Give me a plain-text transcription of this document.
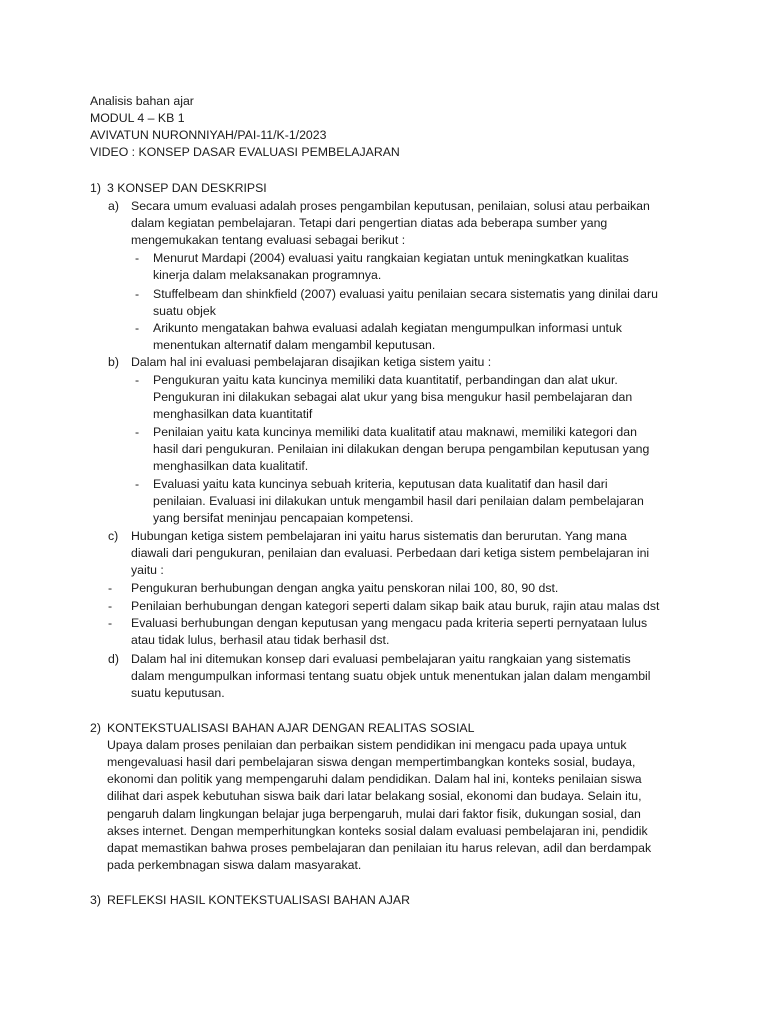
Analisis bahan ajar
MODUL 4 – KB 1
AVIVATUN NURONNIYAH/PAI-11/K-1/2023
VIDEO : KONSEP DASAR EVALUASI PEMBELAJARAN
1) 3 KONSEP DAN DESKRIPSI
a) Secara umum evaluasi adalah proses pengambilan keputusan, penilaian, solusi atau perbaikan
dalam kegiatan pembelajaran. Tetapi dari pengertian diatas ada beberapa sumber yang
mengemukakan tentang evaluasi sebagai berikut :
- Menurut Mardapi (2004) evaluasi yaitu rangkaian kegiatan untuk meningkatkan kualitas
kinerja dalam melaksanakan programnya.
- Stuffelbeam dan shinkfield (2007) evaluasi yaitu penilaian secara sistematis yang dinilai daru
suatu objek
- Arikunto mengatakan bahwa evaluasi adalah kegiatan mengumpulkan informasi untuk
menentukan alternatif dalam mengambil keputusan.
b) Dalam hal ini evaluasi pembelajaran disajikan ketiga sistem yaitu :
- Pengukuran yaitu kata kuncinya memiliki data kuantitatif, perbandingan dan alat ukur.
Pengukuran ini dilakukan sebagai alat ukur yang bisa mengukur hasil pembelajaran dan
menghasilkan data kuantitatif
- Penilaian yaitu kata kuncinya memiliki data kualitatif atau maknawi, memiliki kategori dan
hasil dari pengukuran. Penilaian ini dilakukan dengan berupa pengambilan keputusan yang
menghasilkan data kualitatif.
- Evaluasi yaitu kata kuncinya sebuah kriteria, keputusan data kualitatif dan hasil dari
penilaian. Evaluasi ini dilakukan untuk mengambil hasil dari penilaian dalam pembelajaran
yang bersifat meninjau pencapaian kompetensi.
c) Hubungan ketiga sistem pembelajaran ini yaitu harus sistematis dan berurutan. Yang mana
diawali dari pengukuran, penilaian dan evaluasi. Perbedaan dari ketiga sistem pembelajaran ini
yaitu :
- Pengukuran berhubungan dengan angka yaitu penskoran nilai 100, 80, 90 dst.
- Penilaian berhubungan dengan kategori seperti dalam sikap baik atau buruk, rajin atau malas dst
- Evaluasi berhubungan dengan keputusan yang mengacu pada kriteria seperti pernyataan lulus
atau tidak lulus, berhasil atau tidak berhasil dst.
d) Dalam hal ini ditemukan konsep dari evaluasi pembelajaran yaitu rangkaian yang sistematis
dalam mengumpulkan informasi tentang suatu objek untuk menentukan jalan dalam mengambil
suatu keputusan.
2) KONTEKSTUALISASI BAHAN AJAR DENGAN REALITAS SOSIAL
Upaya dalam proses penilaian dan perbaikan sistem pendidikan ini mengacu pada upaya untuk
mengevaluasi hasil dari pembelajaran siswa dengan mempertimbangkan konteks sosial, budaya,
ekonomi dan politik yang mempengaruhi dalam pendidikan. Dalam hal ini, konteks penilaian siswa
dilihat dari aspek kebutuhan siswa baik dari latar belakang sosial, ekonomi dan budaya. Selain itu,
pengaruh dalam lingkungan belajar juga berpengaruh, mulai dari faktor fisik, dukungan sosial, dan
akses internet. Dengan memperhitungkan konteks sosial dalam evaluasi pembelajaran ini, pendidik
dapat memastikan bahwa proses pembelajaran dan penilaian itu harus relevan, adil dan berdampak
pada perkembnagan siswa dalam masyarakat.
3) REFLEKSI HASIL KONTEKSTUALISASI BAHAN AJAR
